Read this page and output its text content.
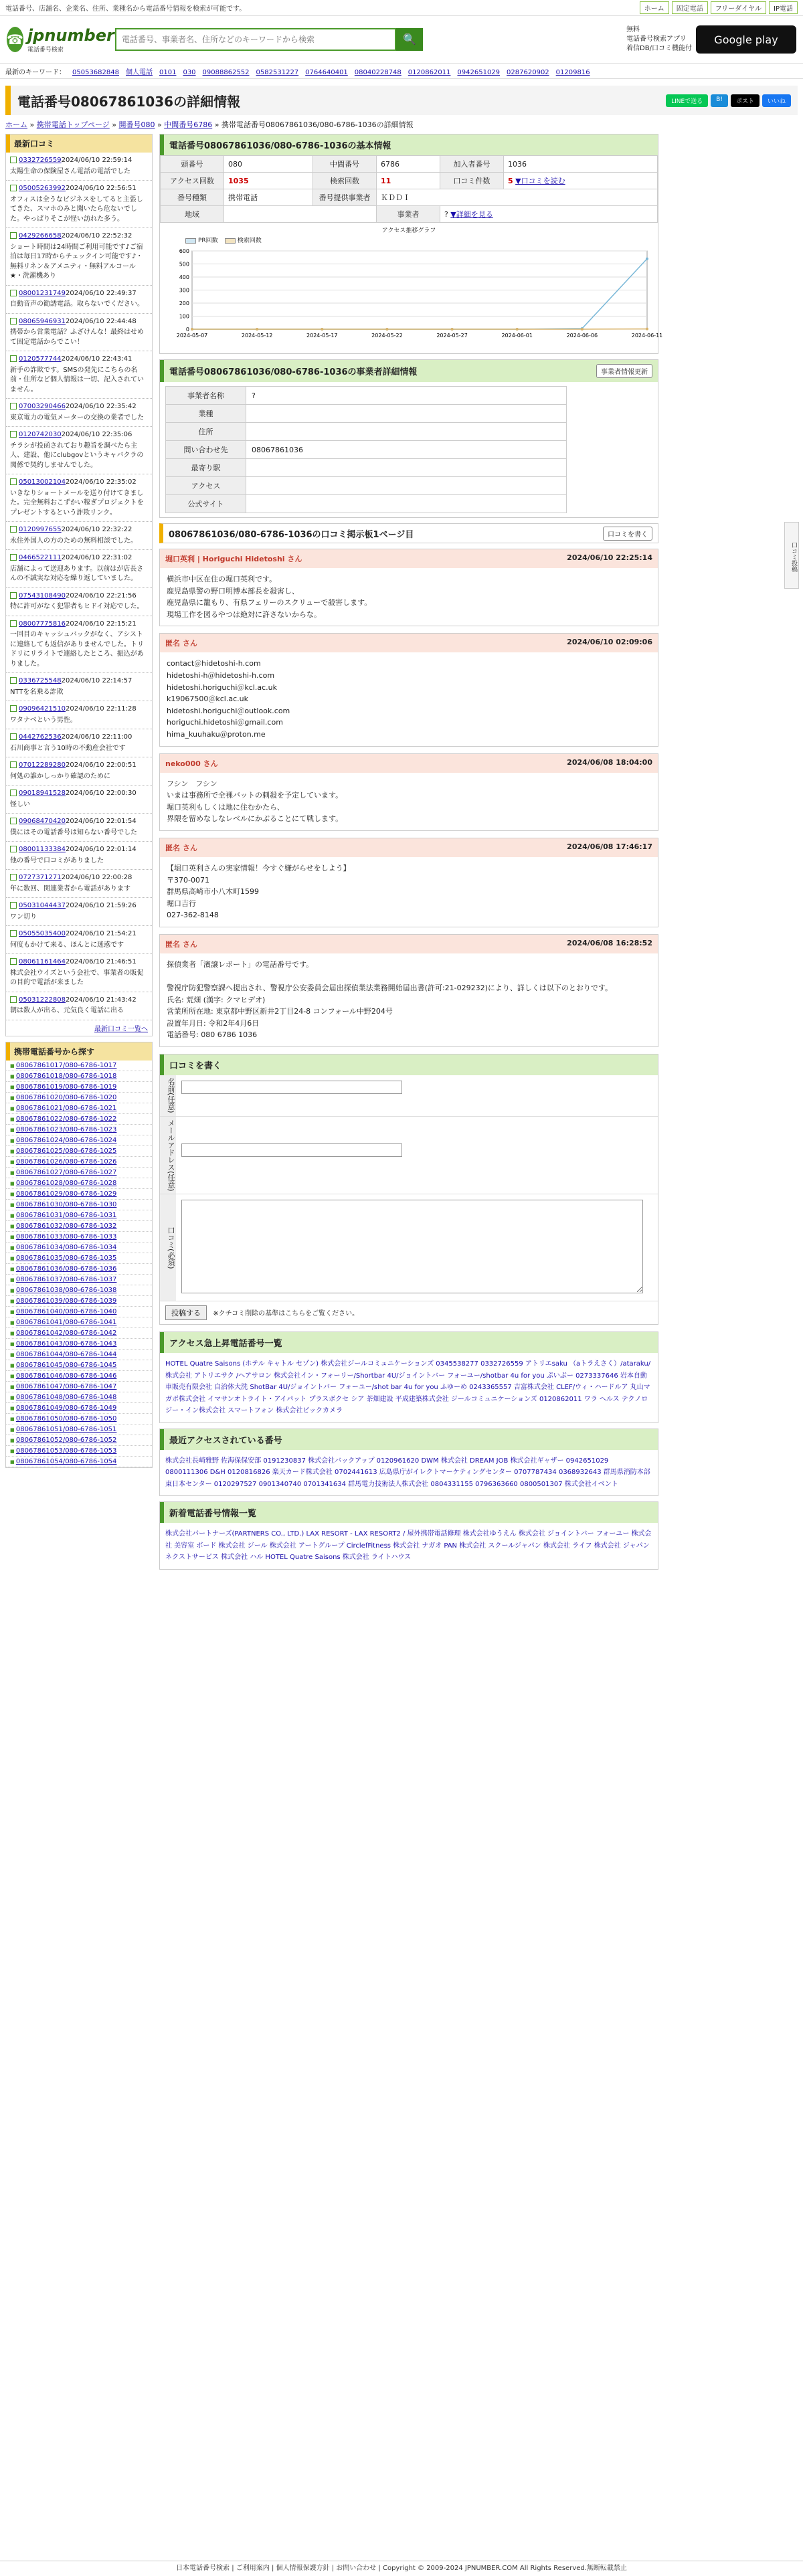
電話番号、店舗名、企業名、住所、業種名から電話番号情報を検索が可能です。	ホーム	固定電話	フリーダイヤル	IP電話
☎ jpnumber
電話番号検索
電話番号、事業者名、住所などのキーワードから検索
🔍
無料
電話番号検索アプリ
着信DB/口コミ機能付
Google play
最新のキーワード： 05053682848 個人電話 0101 030 09088862552 0582531227 0764640401 08040228748 0120862011 0942651029 0287620902 01209816
電話番号08067861036の詳細情報	LINEで送る	B!	ポスト	いいね
ホーム » 携帯電話トップページ » 開番号080 » 中間番号6786 » 携帯電話番号08067861036/080-6786-1036の詳細情報
最新口コミ
03327265592024/06/10 22:59:14
太陽生命の保険屋さん電話の電話でした
050052639922024/06/10 22:56:51
オフィスは全うなビジネスをしてると主張してきた、スマホのみと聞いたら危ないでした。やっぱりそこが怪い訪れた多う。
04292666582024/06/10 22:52:32
ショート時間は24時間ご利用可能です♪ご宿泊は毎日17時からチェックイン可能です♪・無料リネン＆アメニティ・無料アルコール★・洗濯機あり
080012317492024/06/10 22:49:37
自動音声の勧誘電話。取らないでください。
080659469312024/06/10 22:44:48
携帯から営業電話？ふざけんな！最終はせめて固定電話からでこい！
01205777442024/06/10 22:43:41
新手の詐欺です。SMSの発先にこちらの名前・住所など個人情報は一切、記入されていません。
070032904662024/06/10 22:35:42
東京電力の電気メーターの交換の業者でした
01207420302024/06/10 22:35:06
チラシが投函されており趣旨を調べたら主人、建設、他にclubgovというキャバクラの関係で契約しませんでした。
050130021042024/06/10 22:35:02
いきなりショートメールを送り付けてきました。完全無料おこずかい稼ぎプロジェクトをプレゼントするという詐欺リンク。
01209976552024/06/10 22:32:22
永住外国人の方のための無料相談でした。
04665221112024/06/10 22:31:02
店舗によって送迎あります。以前はが店長さんの不誠実な対応を繰り返していました。
075431084902024/06/10 22:21:56
特に許可がなく犯罪者もヒドイ対応でした。
080077758162024/06/10 22:15:21
一回目のキャッシュバックがなく、アシストに連絡しても返信がありませんでした。トリドリにリライトで連絡したところ、振込がありました。
03367255482024/06/10 22:14:57
NTTを名乗る詐欺
090964215102024/06/10 22:11:28
ワタナベという男性。
04427625362024/06/10 22:11:00
石川商事と言う10時の不動産会社です
070122892802024/06/10 22:00:51
何処の誰かしっかり確認のために
090189415282024/06/10 22:00:30
怪しい
090684704202024/06/10 22:01:54
僕にはその電話番号は知らない番号でした
080011333842024/06/10 22:01:14
他の番号で口コミがありました
07273712712024/06/10 22:00:28
年に数回、関連業者から電話があります
050310444372024/06/10 21:59:26
ワン切り
050550354002024/06/10 21:54:21
何度もかけて来る、ほんとに迷惑です
080611614642024/06/10 21:46:51
株式会社ウイズという会社で、事業者の販促の目的で電話が来ました
050312228082024/06/10 21:43:42
朝は数人が出る、元気良く電話に出る
最新口コミ一覧へ
携帯電話番号から探す
■ 08067861017/080-6786-1017
■ 08067861018/080-6786-1018
■ 08067861019/080-6786-1019
■ 08067861020/080-6786-1020
■ 08067861021/080-6786-1021
■ 08067861022/080-6786-1022
■ 08067861023/080-6786-1023
■ 08067861024/080-6786-1024
■ 08067861025/080-6786-1025
■ 08067861026/080-6786-1026
■ 08067861027/080-6786-1027
■ 08067861028/080-6786-1028
■ 08067861029/080-6786-1029
■ 08067861030/080-6786-1030
■ 08067861031/080-6786-1031
■ 08067861032/080-6786-1032
■ 08067861033/080-6786-1033
■ 08067861034/080-6786-1034
■ 08067861035/080-6786-1035
■ 08067861036/080-6786-1036
■ 08067861037/080-6786-1037
■ 08067861038/080-6786-1038
■ 08067861039/080-6786-1039
■ 08067861040/080-6786-1040
■ 08067861041/080-6786-1041
■ 08067861042/080-6786-1042
■ 08067861043/080-6786-1043
■ 08067861044/080-6786-1044
■ 08067861045/080-6786-1045
■ 08067861046/080-6786-1046
■ 08067861047/080-6786-1047
■ 08067861048/080-6786-1048
■ 08067861049/080-6786-1049
■ 08067861050/080-6786-1050
■ 08067861051/080-6786-1051
■ 08067861052/080-6786-1052
■ 08067861053/080-6786-1053
■ 08067861054/080-6786-1054
電話番号08067861036/080-6786-1036の基本情報
頭番号	080	中間番号	6786	加入者番号	1036
アクセス回数	1035	検索回数	11	口コミ件数	5 ▼口コミを読む
番号種類	携帯電話	番号提供事業者	ＫＤＤＩ		
地域			事業者	? ▼詳細を見る	
アクセス推移グラフ
PR回数	検索回数
0
100
200
300
400
500
600
2024-05-07	2024-05-12	2024-05-17	2024-05-22	2024-05-27	2024-06-01	2024-06-06	2024-06-11
電話番号08067861036/080-6786-1036の事業者詳細情報	事業者情報更新
事業者名称	?
業種	
住所	
問い合わせ先	08067861036
最寄り駅	
アクセス	
公式サイト	
08067861036/080-6786-1036の口コミ掲示板1ページ目	口コミを書く
堀口英利 | Horiguchi Hidetoshi さん	2024/06/10 22:25:14
横浜市中区在住の堀口英利です。
鹿児島県警の野口明博本部長を殺害し、
鹿児島県に籠もり、有県フェリーのスクリューで殺害します。
現場工作を図るやつは絶対に許さないからな。
匿名 さん	2024/06/10 02:09:06
contact＠hidetoshi-h.com
hidetoshi-h＠hidetoshi-h.com
hidetoshi.horiguchi＠kcl.ac.uk
k19067500＠kcl.ac.uk
hidetoshi.horiguchi＠outlook.com
horiguchi.hidetoshi＠gmail.com
hima_kuuhaku＠proton.me
neko000 さん	2024/06/08 18:04:00
フシン　フシン
いまは事務所で全裸バットの刺殺を予定しています。
堀口英利もしくは地に住むかたら、
界隈を留めなしなレベルにかぶることにて戦します。
匿名 さん	2024/06/08 17:46:17
【堀口英利さんの実家情報！今すぐ嫌がらせをしよう】
〒370-0071
群馬県高崎市小八木町1599
堀口吉行
027-362-8148
匿名 さん	2024/06/08 16:28:52
探偵業者「濱譲レポート」の電話番号です。

警視庁防犯警察課へ提出され、警視庁公安委員会届出探偵業法業務開始届出書(許可:21-029232)により、詳しくは以下のとおりです。
氏名: 荒畑 (漢字: クマヒデオ)
営業所所在地: 東京都中野区新井2丁目24-8 コンフォール中野204号
設置年月日: 令和2年4月6日
電話番号: 080 6786 1036
口コミを書く
名前(任意)
メールアドレス(任意)
口コミ(必須)
投稿する ※クチコミ削除の基準はこちらをご覧ください。
アクセス急上昇電話番号一覧
HOTEL Quatre Saisons (ホテル キャトル セゾン) 株式会社ジールコミュニケーションズ 0345538277 0332726559 アトリエsaku （aトラえさく）/ataraku/ 株式会社 アトリエサク /ヘアサロン 株式会社イン・フォーリー/Shortbar 4U/ジョイントバー フォーユー/shotbar 4u for you ぷいぷー 0273337646 岩本自動車販売有限会社 自治体大洗 ShotBar 4U/ジョイントバー フォーユー/shot bar 4u for you ふゆーめ 0243365557 吉富株式会社 CLEF/ウィ・ハードルア 丸山マガポ株式会社 イマサンオトライト・アイパット プラスボクセ シア 茶畑建設 平成建築株式会社 ジールコミュニケーションズ 0120862011 ワラ ヘルス テクノロジー・イン株式会社 スマートフォン 株式会社ビックカメラ
最近アクセスされている番号
株式会社長崎雅野 佐海保保安部 0191230837 株式会社バックアップ 0120961620 DWM 株式会社 DREAM JOB 株式会社ギャザー 0942651029 0800111306 D&H 0120816826 楽天カード株式会社 0702441613 広島県庁がイレクトマーケティングセンター 0707787434 0368932643 群馬県消防本部東日本センター 0120297527 0901340740 0701341634 群馬電力技術法人株式会社 0804331155 0796363660 0800501307 株式会社イベント
新着電話番号情報一覧
株式会社パートナーズ(PARTNERS CO., LTD.) LAX RESORT - LAX RESORT2 / 屋外携帯電話修理 株式会社ゆうえん 株式会社 ジョイントバー フォーユー 株式会社 美容室 ボード 株式会社 ジール 株式会社 アートグループ CirclefFitness 株式会社 ナガオ PAN 株式会社 スクールジャパン 株式会社 ライフ 株式会社 ジャパン ネクストサービス 株式会社 ハル HOTEL Quatre Saisons 株式会社 ライトハウス
口コミ投稿
日本電話番号検索 | ご利用案内 | 個人情報保護方針 | お問い合わせ | Copyright © 2009-2024 JPNUMBER.COM All Rights Reserved.無断転載禁止
